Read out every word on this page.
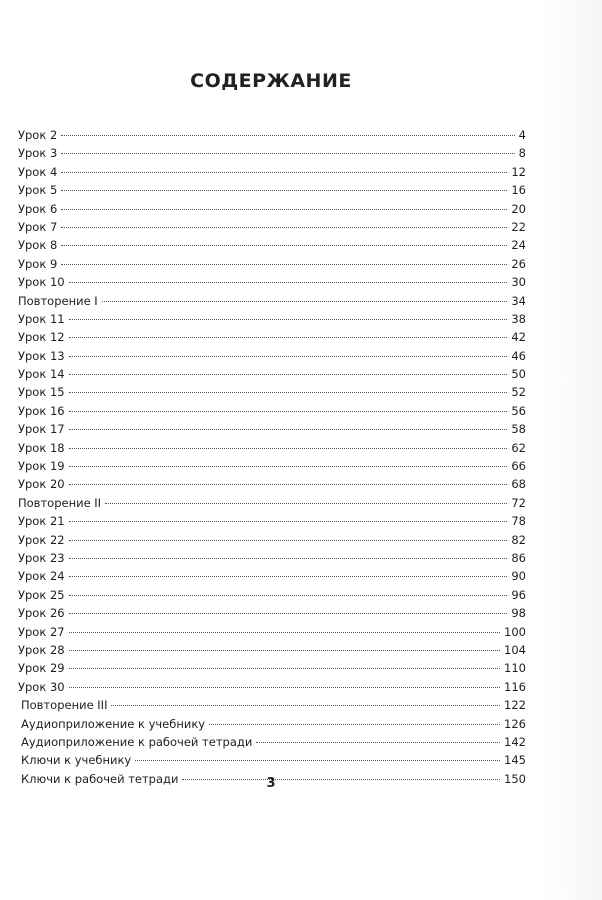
СОДЕРЖАНИЕ
Урок 2	4
Урок 3	8
Урок 4	12
Урок 5	16
Урок 6	20
Урок 7	22
Урок 8	24
Урок 9	26
Урок 10	30
Повторение I	34
Урок 11	38
Урок 12	42
Урок 13	46
Урок 14	50
Урок 15	52
Урок 16	56
Урок 17	58
Урок 18	62
Урок 19	66
Урок 20	68
Повторение II	72
Урок 21	78
Урок 22	82
Урок 23	86
Урок 24	90
Урок 25	96
Урок 26	98
Урок 27	100
Урок 28	104
Урок 29	110
Урок 30	116
Повторение III	122
Аудиоприложение к учебнику	126
Аудиоприложение к рабочей тетради	142
Ключи к учебнику	145
Ключи к рабочей тетради	150
3
